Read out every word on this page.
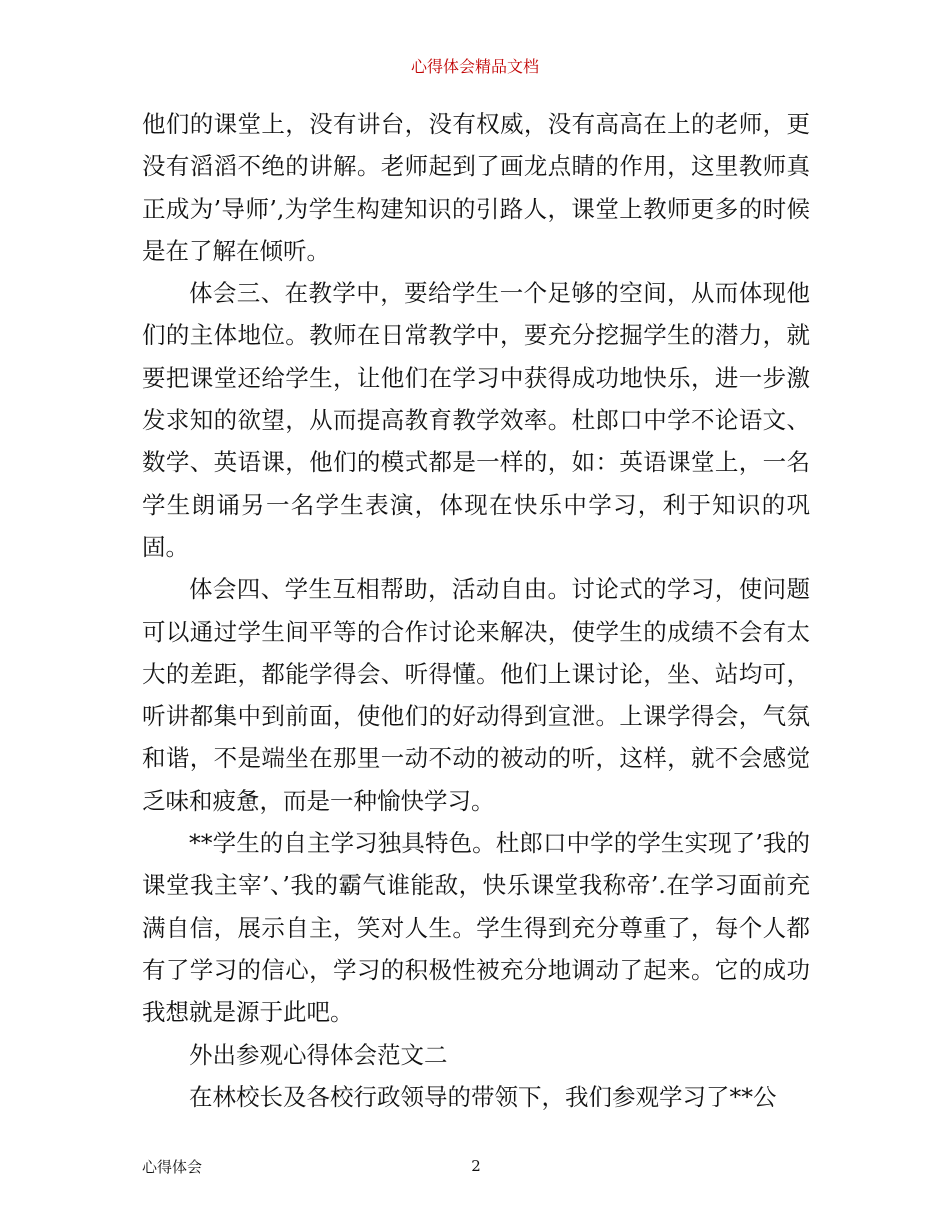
心得体会精品文档

他们的课堂上，没有讲台，没有权威，没有高高在上的老师，更没有滔滔不绝的讲解。老师起到了画龙点睛的作用，这里教师真正成为’导师’,为学生构建知识的引路人，课堂上教师更多的时候是在了解在倾听。

体会三、在教学中，要给学生一个足够的空间，从而体现他们的主体地位。教师在日常教学中，要充分挖掘学生的潜力，就要把课堂还给学生，让他们在学习中获得成功地快乐，进一步激发求知的欲望，从而提高教育教学效率。杜郎口中学不论语文、数学、英语课，他们的模式都是一样的，如：英语课堂上，一名学生朗诵另一名学生表演，体现在快乐中学习，利于知识的巩固。

体会四、学生互相帮助，活动自由。讨论式的学习，使问题可以通过学生间平等的合作讨论来解决，使学生的成绩不会有太大的差距，都能学得会、听得懂。他们上课讨论，坐、站均可，听讲都集中到前面，使他们的好动得到宣泄。上课学得会，气氛和谐，不是端坐在那里一动不动的被动的听，这样，就不会感觉乏味和疲惫，而是一种愉快学习。

**学生的自主学习独具特色。杜郎口中学的学生实现了’我的课堂我主宰’、’我的霸气谁能敌，快乐课堂我称帝’.在学习面前充满自信，展示自主，笑对人生。学生得到充分尊重了，每个人都有了学习的信心，学习的积极性被充分地调动了起来。它的成功我想就是源于此吧。

外出参观心得体会范文二

在林校长及各校行政领导的带领下，我们参观学习了**公

心得体会	2
